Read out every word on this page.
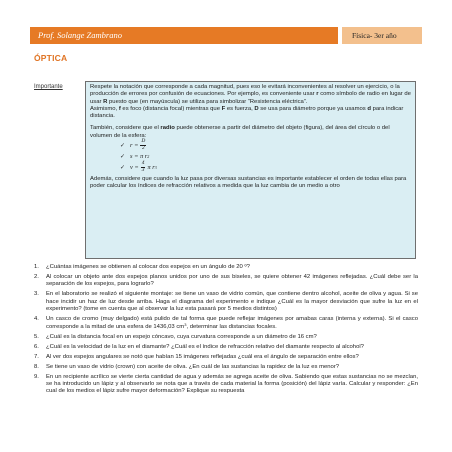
Prof. Solange Zambrano	Física- 3er año
ÓPTICA
Importante	Respete la notación que corresponde a cada magnitud, pues eso le evitará inconvenientes al resolver un ejercicio, o la producción de errores por confusión de ecuaciones. Por ejemplo, es conveniente usar r como símbolo de radio en lugar de usar R puesto que (en mayúscula) se utiliza para simbolizar “Resistencia eléctrica”.

Asimismo, f es foco (distancia focal) mientras que F es fuerza, D se usa para diámetro porque ya usamos d para indicar distancia.

También, considere que el radio puede obtenerse a partir del diámetro del objeto (figura), del área del círculo o del volumen de la esfera:

✓ $r = \frac{D}{2}$
✓ s = π r 2
✓ $v = \frac{4}{3}$ π r 3

Además, considere que cuando la luz pasa por diversas sustancias es importante establecer el orden de todas ellas para poder calcular los índices de refracción relativos a medida que la luz cambia de un medio a otro

1.	¿Cuántas imágenes se obtienen al colocar dos espejos en un ángulo de 20 º?
2.	Al colocar un objeto ante dos espejos planos unidos por uno de sus biseles, se quiere obtener 42 imágenes reflejadas. ¿Cuál debe ser la separación de los espejos, para lograrlo?
3.	En el laboratorio se realizó el siguiente montaje: se tiene un vaso de vidrio común, que contiene dentro alcohol, aceite de oliva y agua. Si se hace incidir un haz de luz desde arriba. Haga el diagrama del experimento e indique ¿Cuál es la mayor desviación que sufre la luz en el experimento? (tome en cuenta que al observar la luz esta pasará por 5 medios distintos)
4.	Un casco de cromo (muy delgado) está pulido de tal forma que puede reflejar imágenes por amabas caras (interna y externa). Si el casco corresponde a la mitad de una esfera de 1436,03 $cm^3$, determinar las distancias focales.
5.	¿Cuál es la distancia focal en un espejo cóncavo, cuya curvatura corresponde a un diámetro de 16 cm?
6.	¿Cuál es la velocidad de la luz en el diamante? ¿Cuál es el índice de refracción relativo del diamante respecto al alcohol?
7.	Al ver dos espejos angulares se notó que habían 15 imágenes reflejadas ¿cuál era el ángulo de separación entre ellos?
8.	Se tiene un vaso de vidrio (crown) con aceite de oliva. ¿En cuál de las sustancias la rapidez de la luz es menor?
9.	En un recipiente acrílico se vierte cierta cantidad de agua y además se agrega aceite de oliva. Sabiendo que estas sustancias no se mezclan, se ha introducido un lápiz y al observarlo se nota que a través de cada material la forma (posición) del lápiz varía. Calcular y responder: ¿En cual de los medios el lápiz sufre mayor deformación? Explique su respuesta
